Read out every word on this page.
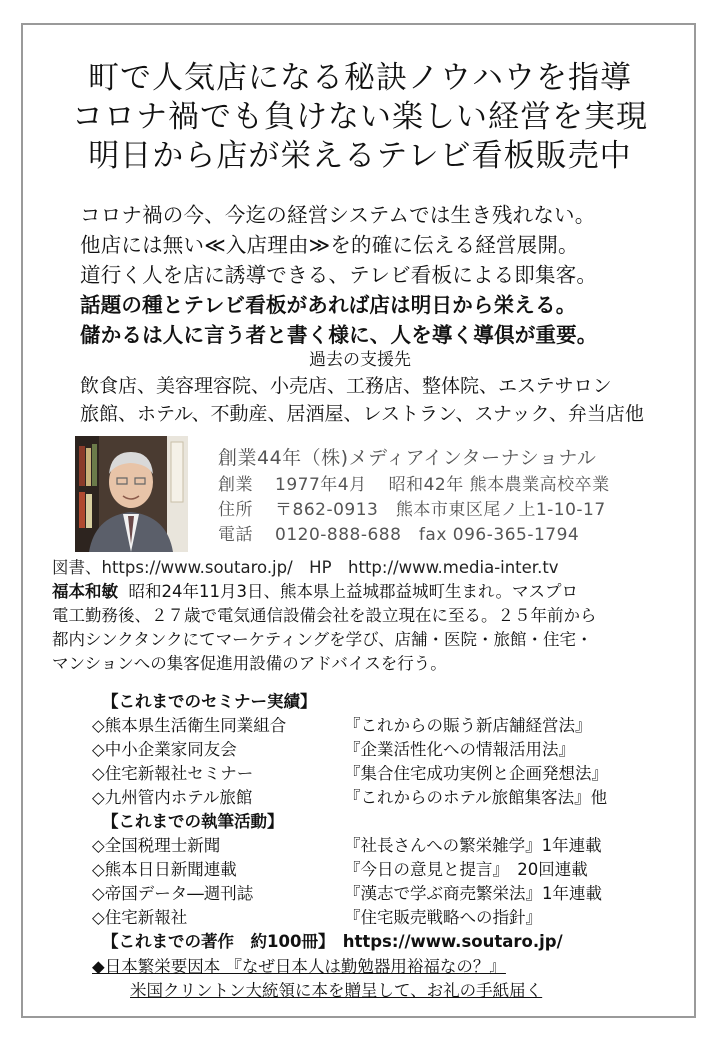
町で人気店になる秘訣ノウハウを指導
コロナ禍でも負けない楽しい経営を実現
明日から店が栄えるテレビ看板販売中
コロナ禍の今、今迄の経営システムでは生き残れない。
他店には無い≪入店理由≫を的確に伝える経営展開。
道行く人を店に誘導できる、テレビ看板による即集客。
話題の種とテレビ看板があれば店は明日から栄える。
儲かるは人に言う者と書く様に、人を導く導倶が重要。
過去の支援先
飲食店、美容理容院、小売店、工務店、整体院、エステサロン
旅館、ホテル、不動産、居酒屋、レストラン、スナック、弁当店他
創業44年（株)メディアインターナショナル
創業 1977年4月 昭和42年 熊本農業高校卒業
住所 〒862-0913　熊本市東区尾ノ上1-10-17
電話 0120-888-688　fax 096-365-1794
図書、https://www.soutaro.jp/　HP　http://www.media-inter.tv
福本和敏 昭和24年11月3日、熊本県上益城郡益城町生まれ。マスプロ
電工勤務後、２７歳で電気通信設備会社を設立現在に至る。２５年前から
都内シンクタンクにてマーケティングを学び、店舗・医院・旅館・住宅・
マンションへの集客促進用設備のアドバイスを行う。
【これまでのセミナー実績】
◇熊本県生活衛生同業組合	『これからの賑う新店舗経営法』
◇中小企業家同友会	『企業活性化への情報活用法』
◇住宅新報社セミナー	『集合住宅成功実例と企画発想法』
◇九州管内ホテル旅館	『これからのホテル旅館集客法』他
【これまでの執筆活動】
◇全国税理士新聞	『社長さんへの繁栄雑学』1年連載
◇熊本日日新聞連載	『今日の意見と提言』　20回連載
◇帝国データ―週刊誌	『漢志で学ぶ商売繁栄法』1年連載
◇住宅新報社	『住宅販売戦略への指針』
【これまでの著作　約100冊】　https://www.soutaro.jp/
◆日本繁栄要因本 『なぜ日本人は勤勉器用裕福なの？』
米国クリントン大統領に本を贈呈して、お礼の手紙届く
